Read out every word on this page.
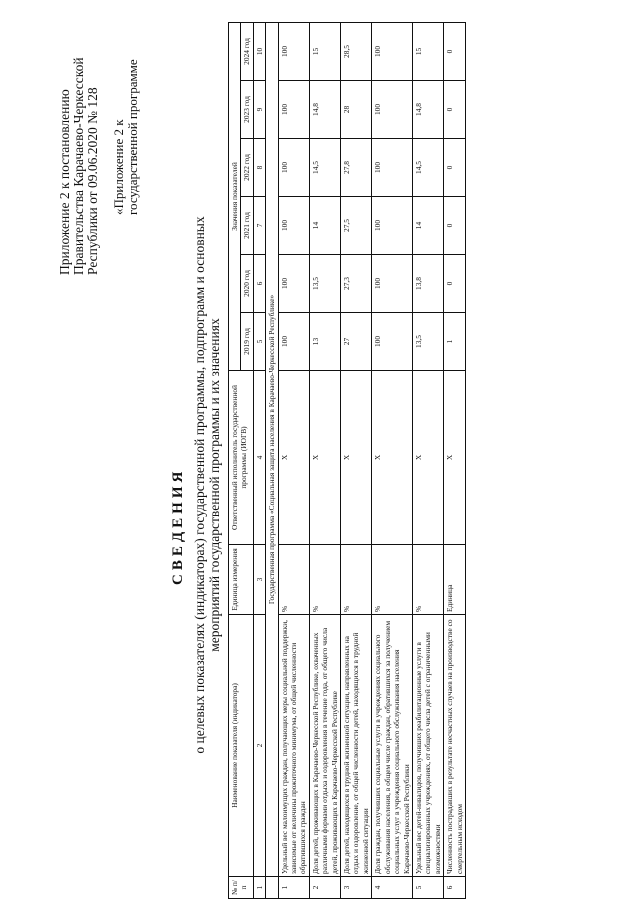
Приложение 2 к постановлению Правительства Карачаево-Черкесской Республики от 09.06.2020 № 128 «Приложение 2 к государственной программе
СВЕДЕНИЯ о целевых показателях (индикаторах) государственной программы, подпрограмм и основных мероприятий государственной программы и их значениях
№ п/п	Наименование показателя (индикатора)	Единица измерения	Ответственный исполнитель государственной программы (ИОГВ)	Значения показателей					
				2019 год	2020 год	2021 год	2022 год	2023 год	2024 год
1	2	3	4	5	6	7	8	9	10
	Государственная программа «Социальная защита населения в Карачаево-Черкесской Республике»								
1	Удельный вес малоимущих граждан, получающих меры социальной поддержки, зависимые от величины прожиточного минимума, от общей численности обратившихся граждан	%	Х	100	100	100	100	100	100
2	Доля детей, проживающих в Карачаево-Черкесской Республике, охваченных различными формами отдыха и оздоровления в течение года, от общего числа детей, проживающих в Карачаево-Черкесской Республике	%	Х	13	13,5	14	14,5	14,8	15
3	Доля детей, находящихся в трудной жизненной ситуации, направленных на отдых и оздоровление, от общей численности детей, находящихся в трудной жизненной ситуации	%	Х	27	27,3	27,5	27,8	28	28,5
4	Доля граждан, получивших социальные услуги в учреждениях социального обслуживания населения, в общем числе граждан, обратившихся за получением социальных услуг в учреждения социального обслуживания населения Карачаево-Черкесской Республики	%	Х	100	100	100	100	100	100
5	Удельный вес детей-инвалидов, получивших реабилитационные услуги в специализированных учреждениях, от общего числа детей с ограниченными возможностями	%	Х	13,5	13,8	14	14,5	14,8	15
6	Численность пострадавших в результате несчастных случаев на производстве со смертельным исходом	Единица	Х	1	0	0	0	0	0
